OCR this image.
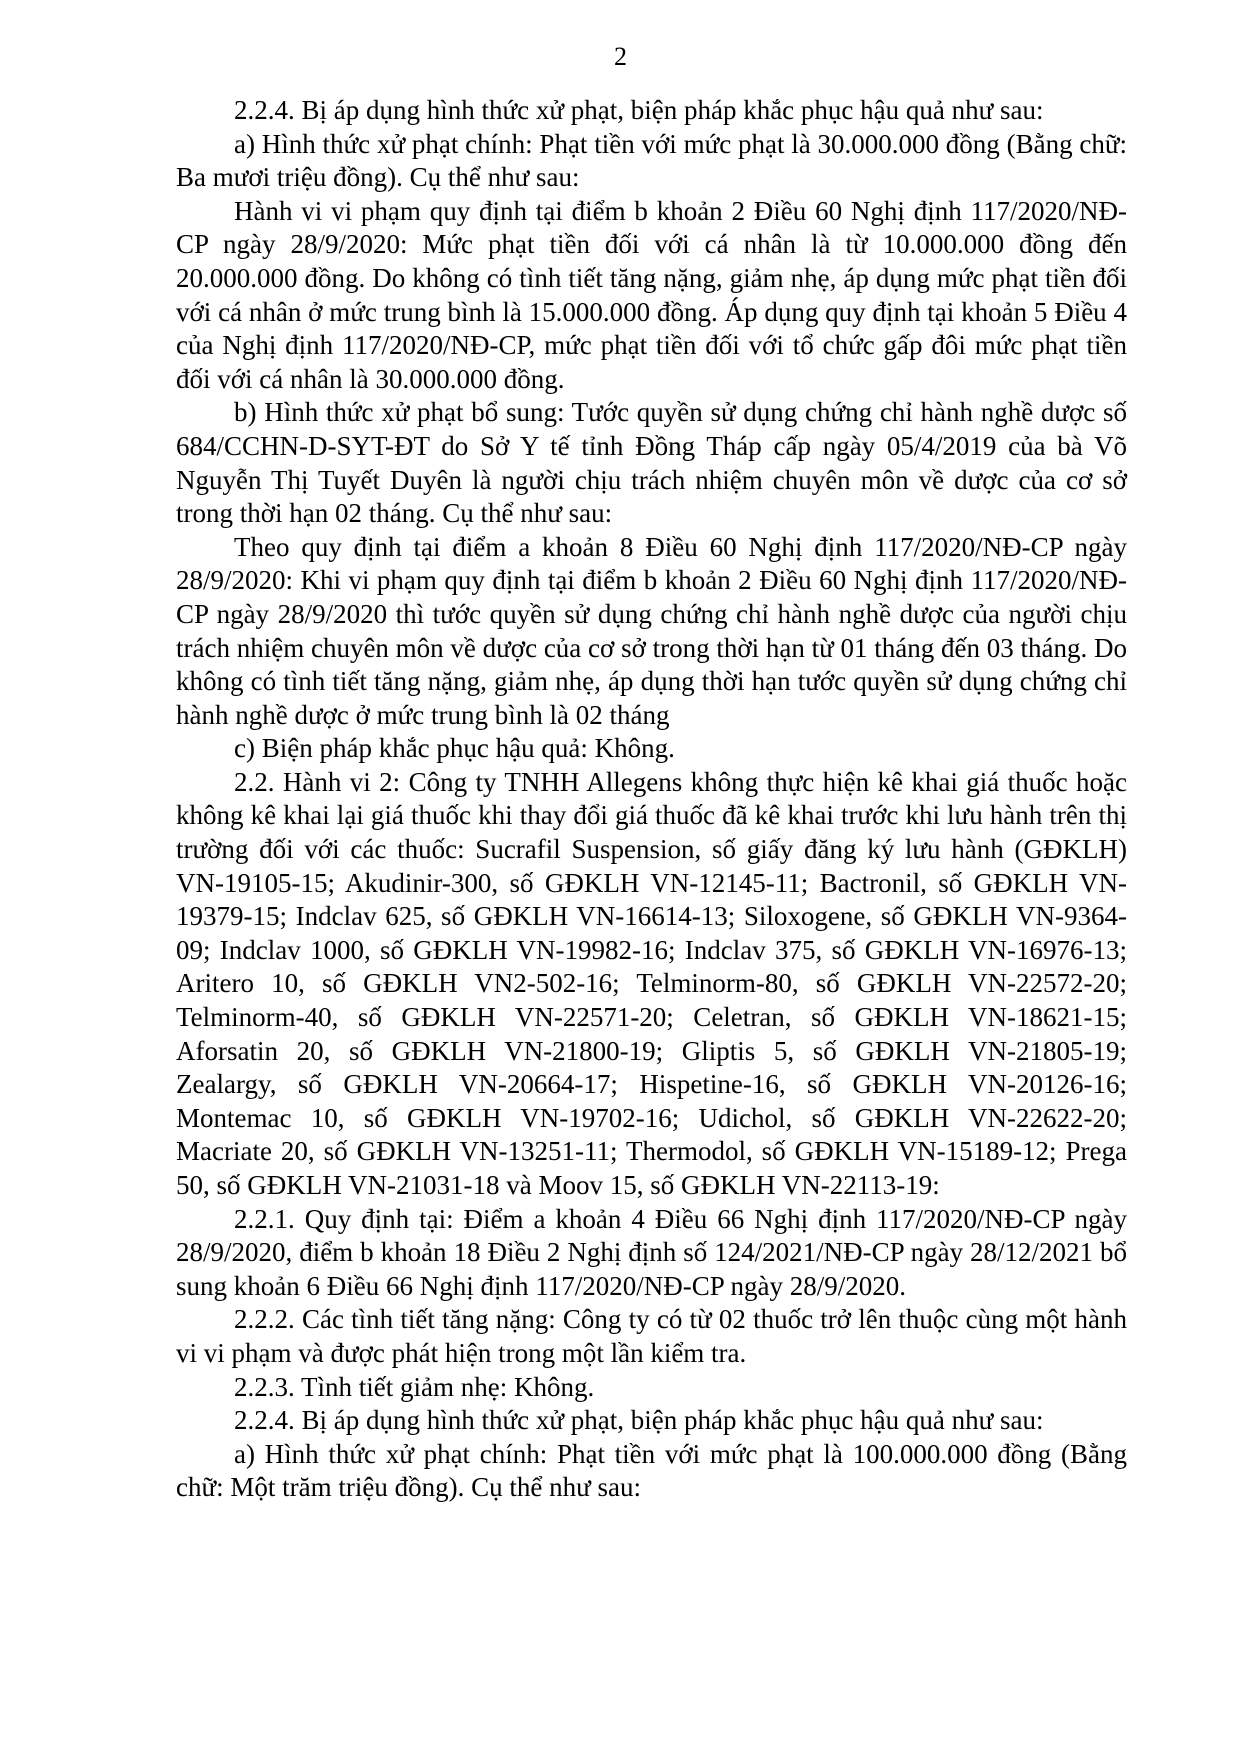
2

2.2.4. Bị áp dụng hình thức xử phạt, biện pháp khắc phục hậu quả như sau:

a) Hình thức xử phạt chính: Phạt tiền với mức phạt là 30.000.000 đồng (Bằng chữ: Ba mươi triệu đồng). Cụ thể như sau:

Hành vi vi phạm quy định tại điểm b khoản 2 Điều 60 Nghị định 117/2020/NĐ-CP ngày 28/9/2020: Mức phạt tiền đối với cá nhân là từ 10.000.000 đồng đến 20.000.000 đồng. Do không có tình tiết tăng nặng, giảm nhẹ, áp dụng mức phạt tiền đối với cá nhân ở mức trung bình là 15.000.000 đồng. Áp dụng quy định tại khoản 5 Điều 4 của Nghị định 117/2020/NĐ-CP, mức phạt tiền đối với tổ chức gấp đôi mức phạt tiền đối với cá nhân là 30.000.000 đồng.

b) Hình thức xử phạt bổ sung: Tước quyền sử dụng chứng chỉ hành nghề dược số 684/CCHN-D-SYT-ĐT do Sở Y tế tỉnh Đồng Tháp cấp ngày 05/4/2019 của bà Võ Nguyễn Thị Tuyết Duyên là người chịu trách nhiệm chuyên môn về dược của cơ sở trong thời hạn 02 tháng. Cụ thể như sau:

Theo quy định tại điểm a khoản 8 Điều 60 Nghị định 117/2020/NĐ-CP ngày 28/9/2020: Khi vi phạm quy định tại điểm b khoản 2 Điều 60 Nghị định 117/2020/NĐ-CP ngày 28/9/2020 thì tước quyền sử dụng chứng chỉ hành nghề dược của người chịu trách nhiệm chuyên môn về dược của cơ sở trong thời hạn từ 01 tháng đến 03 tháng. Do không có tình tiết tăng nặng, giảm nhẹ, áp dụng thời hạn tước quyền sử dụng chứng chỉ hành nghề dược ở mức trung bình là 02 tháng

c) Biện pháp khắc phục hậu quả: Không.

2.2. Hành vi 2: Công ty TNHH Allegens không thực hiện kê khai giá thuốc hoặc không kê khai lại giá thuốc khi thay đổi giá thuốc đã kê khai trước khi lưu hành trên thị trường đối với các thuốc: Sucrafil Suspension, số giấy đăng ký lưu hành (GĐKLH) VN-19105-15; Akudinir-300, số GĐKLH VN-12145-11; Bactronil, số GĐKLH VN-19379-15; Indclav 625, số GĐKLH VN-16614-13; Siloxogene, số GĐKLH VN-9364-09; Indclav 1000, số GĐKLH VN-19982-16; Indclav 375, số GĐKLH VN-16976-13; Aritero 10, số GĐKLH VN2-502-16; Telminorm-80, số GĐKLH VN-22572-20; Telminorm-40, số GĐKLH VN-22571-20; Celetran, số GĐKLH VN-18621-15; Aforsatin 20, số GĐKLH VN-21800-19; Gliptis 5, số GĐKLH VN-21805-19; Zealargy, số GĐKLH VN-20664-17; Hispetine-16, số GĐKLH VN-20126-16; Montemac 10, số GĐKLH VN-19702-16; Udichol, số GĐKLH VN-22622-20; Macriate 20, số GĐKLH VN-13251-11; Thermodol, số GĐKLH VN-15189-12; Prega 50, số GĐKLH VN-21031-18 và Moov 15, số GĐKLH VN-22113-19:

2.2.1. Quy định tại: Điểm a khoản 4 Điều 66 Nghị định 117/2020/NĐ-CP ngày 28/9/2020, điểm b khoản 18 Điều 2 Nghị định số 124/2021/NĐ-CP ngày 28/12/2021 bổ sung khoản 6 Điều 66 Nghị định 117/2020/NĐ-CP ngày 28/9/2020.

2.2.2. Các tình tiết tăng nặng: Công ty có từ 02 thuốc trở lên thuộc cùng một hành vi vi phạm và được phát hiện trong một lần kiểm tra.

2.2.3. Tình tiết giảm nhẹ: Không.

2.2.4. Bị áp dụng hình thức xử phạt, biện pháp khắc phục hậu quả như sau:

a) Hình thức xử phạt chính: Phạt tiền với mức phạt là 100.000.000 đồng (Bằng chữ: Một trăm triệu đồng). Cụ thể như sau:
